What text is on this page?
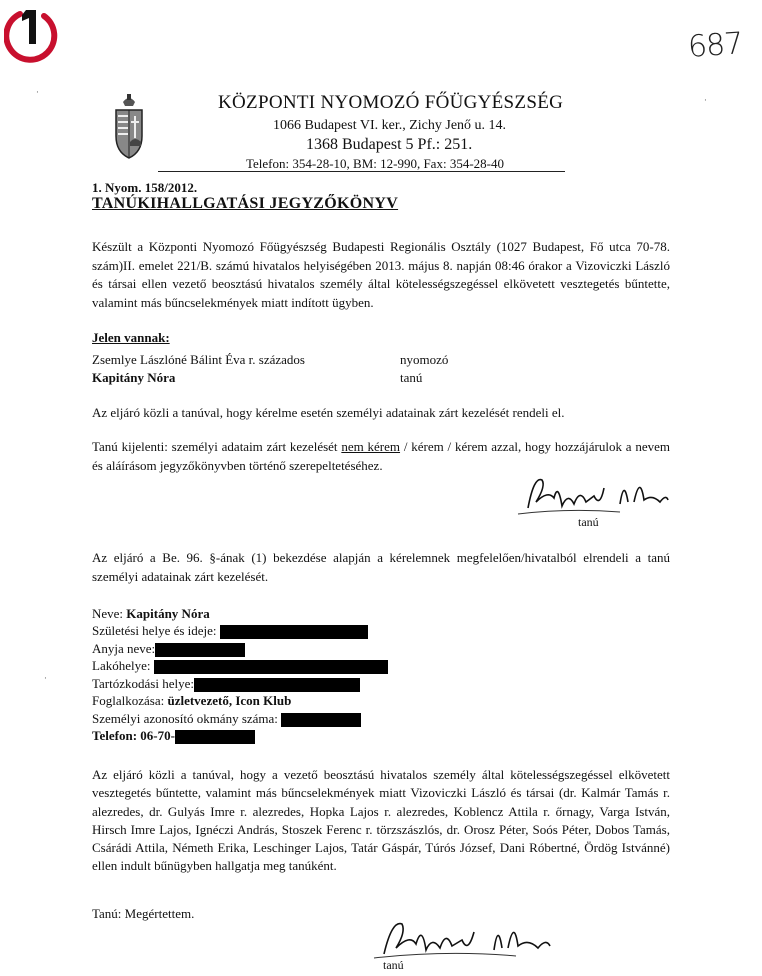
687
KÖZPONTI NYOMOZÓ FŐÜGYÉSZSÉG
1066 Budapest VI. ker., Zichy Jenő u. 14.
1368 Budapest 5 Pf.: 251.
Telefon: 354-28-10, BM: 12-990, Fax: 354-28-40
1. Nyom. 158/2012.
TANÚKIHALLGATÁSI JEGYZŐKÖNYV
Készült a Központi Nyomozó Főügyészség Budapesti Regionális Osztály (1027 Budapest, Fő utca 70-78. szám)II. emelet 221/B. számú hivatalos helyiségében 2013. május 8. napján 08:46 órakor a Vizoviczki László és társai ellen vezető beosztású hivatalos személy által kötelességszegéssel elkövetett vesztegetés bűntette, valamint más bűncselekmények miatt indított ügyben.
Jelen vannak:
Zsemlye Lászlóné Bálint Éva r. százados	nyomozó
Kapitány Nóra	tanú
Az eljáró közli a tanúval, hogy kérelme esetén személyi adatainak zárt kezelését rendeli el.
Tanú kijelenti: személyi adataim zárt kezelését nem kérem / kérem / kérem azzal, hogy hozzájárulok a nevem és aláírásom jegyzőkönyvben történő szerepeltetéséhez.
tanú
Az eljáró a Be. 96. §-ának (1) bekezdése alapján a kérelemnek megfelelően/hivatalból elrendeli a tanú személyi adatainak zárt kezelését.
Neve: Kapitány Nóra
Születési helye és ideje:
Anyja neve:
Lakóhelye:
Tartózkodási helye:
Foglalkozása: üzletvezető, Icon Klub
Személyi azonosító okmány száma:
Telefon: 06-70-
Az eljáró közli a tanúval, hogy a vezető beosztású hivatalos személy által kötelességszegéssel elkövetett vesztegetés bűntette, valamint más bűncselekmények miatt Vizoviczki László és társai (dr. Kalmár Tamás r. alezredes, dr. Gulyás Imre r. alezredes, Hopka Lajos r. alezredes, Koblencz Attila r. őrnagy, Varga István, Hirsch Imre Lajos, Ignéczi András, Stoszek Ferenc r. törzszászlós, dr. Orosz Péter, Soós Péter, Dobos Tamás, Csárádi Attila, Németh Erika, Leschinger Lajos, Tatár Gáspár, Túrós József, Dani Róbertné, Ördög Istvánné) ellen indult bűnügyben hallgatja meg tanúként.
Tanú: Megértettem.
tanú
·
·
·
